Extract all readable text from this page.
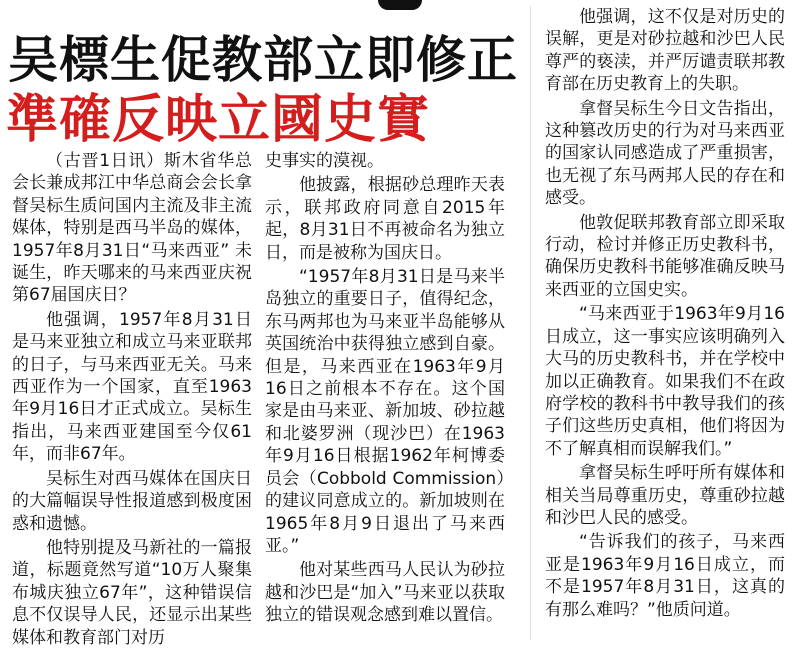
吴標生促教部立即修正
準確反映立國史實

（古晋1日讯）斯木省华总会长兼成邦江中华总商会会长拿督吴标生质问国内主流及非主流媒体，特别是西马半岛的媒体，1957年8月31日“马来西亚” 未诞生，昨天哪来的马来西亚庆祝第67届国庆日？

他强调，1957年8月31日是马来亚独立和成立马来亚联邦的日子，与马来西亚无关。马来西亚作为一个国家，直至1963年9月16日才正式成立。吴标生指出，马来西亚建国至今仅61年，而非67年。

吴标生对西马媒体在国庆日的大篇幅误导性报道感到极度困惑和遗憾。

他特别提及马新社的一篇报道，标题竟然写道“10万人聚集布城庆独立67年”，这种错误信息不仅误导人民，还显示出某些媒体和教育部门对历

史事实的漠视。

他披露，根据砂总理昨天表示，联邦政府同意自2015年起，8月31日不再被命名为独立日，而是被称为国庆日。

“1957年8月31日是马来半岛独立的重要日子，值得纪念，东马两邦也为马来亚半岛能够从英国统治中获得独立感到自豪。但是，马来西亚在1963年9月16日之前根本不存在。这个国家是由马来亚、新加坡、砂拉越和北婆罗洲（现沙巴）在1963年9月16日根据1962年柯博委员会（Cobbold Commission）的建议同意成立的。新加坡则在1965年8月9日退出了马来西亚。”

他对某些西马人民认为砂拉越和沙巴是“加入”马来亚以获取独立的错误观念感到难以置信。

他强调，这不仅是对历史的误解，更是对砂拉越和沙巴人民尊严的亵渎，并严厉谴责联邦教育部在历史教育上的失职。

拿督吴标生今日文告指出，这种篡改历史的行为对马来西亚的国家认同感造成了严重损害，也无视了东马两邦人民的存在和感受。

他敦促联邦教育部立即采取行动，检讨并修正历史教科书，确保历史教科书能够准确反映马来西亚的立国史实。

“马来西亚于1963年9月16日成立，这一事实应该明确列入大马的历史教科书，并在学校中加以正确教育。如果我们不在政府学校的教科书中教导我们的孩子们这些历史真相，他们将因为不了解真相而误解我们。”

拿督吴标生呼吁所有媒体和相关当局尊重历史，尊重砂拉越和沙巴人民的感受。

“告诉我们的孩子，马来西亚是1963年9月16日成立，而不是1957年8月31日，这真的有那么难吗？”他质问道。
